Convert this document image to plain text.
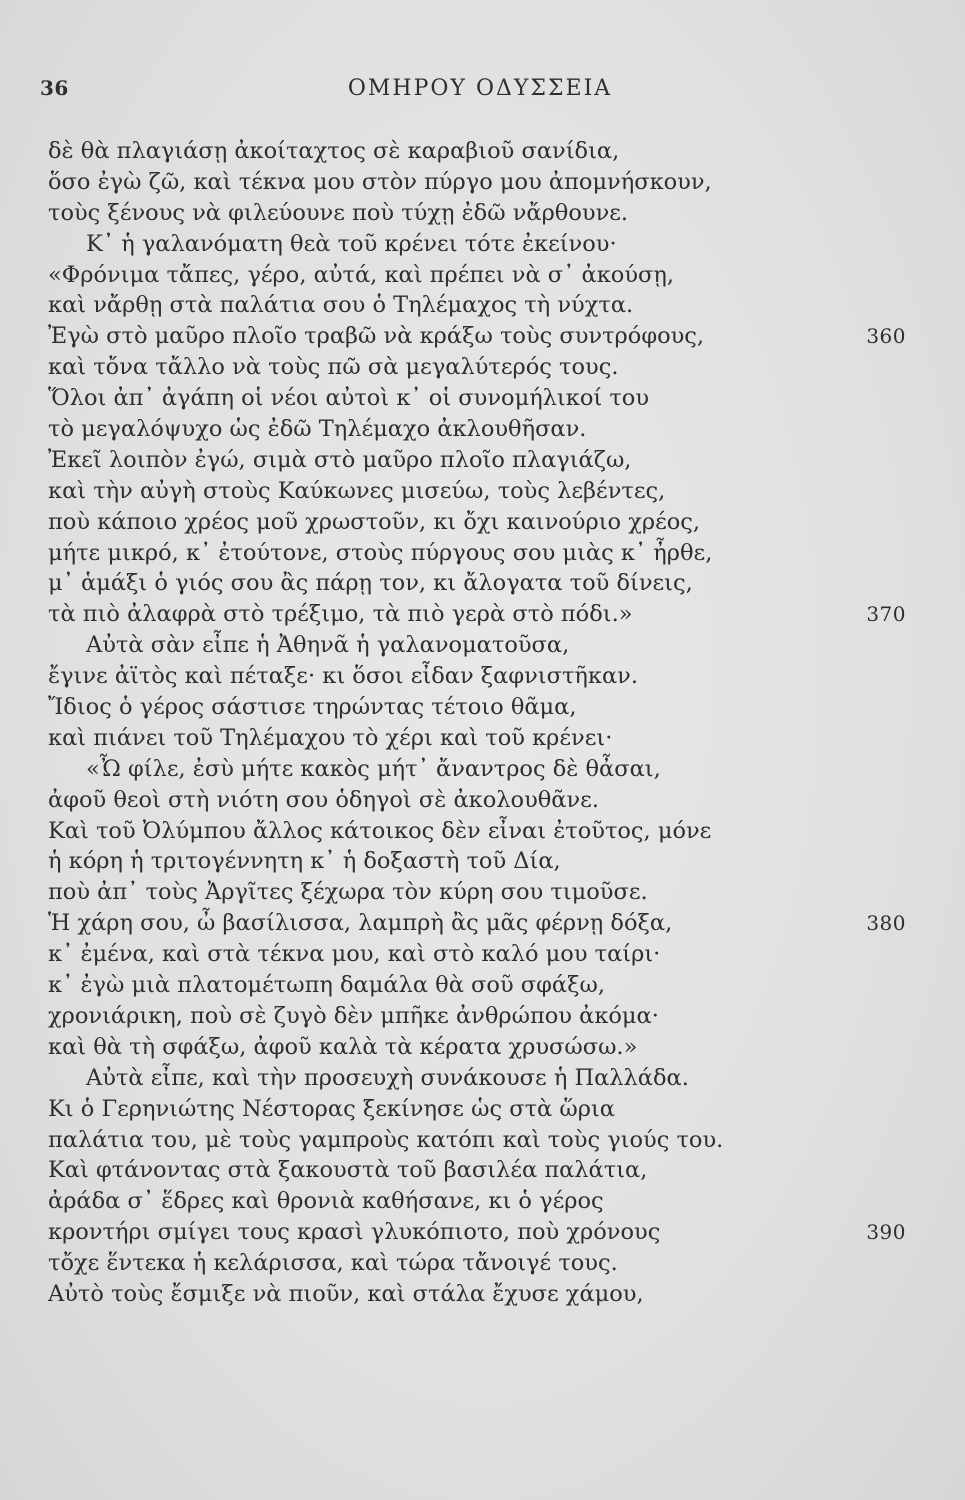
36	ΟΜΗΡΟΥ ΟΔΥΣΣΕΙΑ
δὲ θὰ πλαγιάσῃ ἀκοίταχτος σὲ καραβιοῦ σανίδια,
ὅσο ἐγὼ ζῶ, καὶ τέκνα μου στὸν πύργο μου ἀπομνήσκουν,
τοὺς ξένους νὰ φιλεύουνε ποὺ τύχῃ ἐδῶ νἄρθουνε.
Κ᾽ ἡ γαλανόματη θεὰ τοῦ κρένει τότε ἐκείνου·
«Φρόνιμα τἄπες, γέρο, αὐτά, καὶ πρέπει νὰ σ᾽ ἀκούσῃ,
καὶ νἄρθῃ στὰ παλάτια σου ὁ Τηλέμαχος τὴ νύχτα.
Ἐγὼ στὸ μαῦρο πλοῖο τραβῶ νὰ κράξω τοὺς συντρόφους,	360
καὶ τὄνα τἄλλο νὰ τοὺς πῶ σὰ μεγαλύτερός τους.
Ὅλοι ἀπ᾽ ἀγάπη οἱ νέοι αὐτοὶ κ᾽ οἱ συνομήλικοί του
τὸ μεγαλόψυχο ὡς ἐδῶ Τηλέμαχο ἀκλουθῆσαν.
Ἐκεῖ λοιπὸν ἐγώ, σιμὰ στὸ μαῦρο πλοῖο πλαγιάζω,
καὶ τὴν αὐγὴ στοὺς Καύκωνες μισεύω, τοὺς λεβέντες,
ποὺ κάποιο χρέος μοῦ χρωστοῦν, κι ὄχι καινούριο χρέος,
μήτε μικρό, κ᾽ ἐτούτονε, στοὺς πύργους σου μιὰς κ᾽ ἦρθε,
μ᾽ ἁμάξι ὁ γιός σου ἂς πάρῃ τον, κι ἄλογατα τοῦ δίνεις,
τὰ πιὸ ἀλαφρὰ στὸ τρέξιμο, τὰ πιὸ γερὰ στὸ πόδι.»	370
Αὐτὰ σὰν εἶπε ἡ Ἀθηνᾶ ἡ γαλανοματοῦσα,
ἔγινε ἀϊτὸς καὶ πέταξε· κι ὅσοι εἶδαν ξαφνιστῆκαν.
Ἴδιος ὁ γέρος σάστισε τηρώντας τέτοιο θᾶμα,
καὶ πιάνει τοῦ Τηλέμαχου τὸ χέρι καὶ τοῦ κρένει·
«Ὦ φίλε, ἐσὺ μήτε κακὸς μήτ᾽ ἄναντρος δὲ θἆσαι,
ἀφοῦ θεοὶ στὴ νιότη σου ὁδηγοὶ σὲ ἀκολουθᾶνε.
Καὶ τοῦ Ὀλύμπου ἄλλος κάτοικος δὲν εἶναι ἐτοῦτος, μόνε
ἡ κόρη ἡ τριτογέννητη κ᾽ ἡ δοξαστὴ τοῦ Δία,
ποὺ ἀπ᾽ τοὺς Ἀργῖτες ξέχωρα τὸν κύρη σου τιμοῦσε.
Ἡ χάρη σου, ὦ βασίλισσα, λαμπρὴ ἂς μᾶς φέρνῃ δόξα,	380
κ᾽ ἐμένα, καὶ στὰ τέκνα μου, καὶ στὸ καλό μου ταίρι·
κ᾽ ἐγὼ μιὰ πλατομέτωπη δαμάλα θὰ σοῦ σφάξω,
χρονιάρικη, ποὺ σὲ ζυγὸ δὲν μπῆκε ἀνθρώπου ἀκόμα·
καὶ θὰ τὴ σφάξω, ἀφοῦ καλὰ τὰ κέρατα χρυσώσω.»
Αὐτὰ εἶπε, καὶ τὴν προσευχὴ συνάκουσε ἡ Παλλάδα.
Κι ὁ Γερηνιώτης Νέστορας ξεκίνησε ὡς στὰ ὥρια
παλάτια του, μὲ τοὺς γαμπροὺς κατόπι καὶ τοὺς γιούς του.
Καὶ φτάνοντας στὰ ξακουστὰ τοῦ βασιλέα παλάτια,
ἀράδα σ᾽ ἕδρες καὶ θρονιὰ καθήσανε, κι ὁ γέρος
κροντήρι σμίγει τους κρασὶ γλυκόπιοτο, ποὺ χρόνους	390
τὄχε ἕντεκα ἡ κελάρισσα, καὶ τώρα τἄνοιγέ τους.
Αὐτὸ τοὺς ἔσμιξε νὰ πιοῦν, καὶ στάλα ἔχυσε χάμου,
